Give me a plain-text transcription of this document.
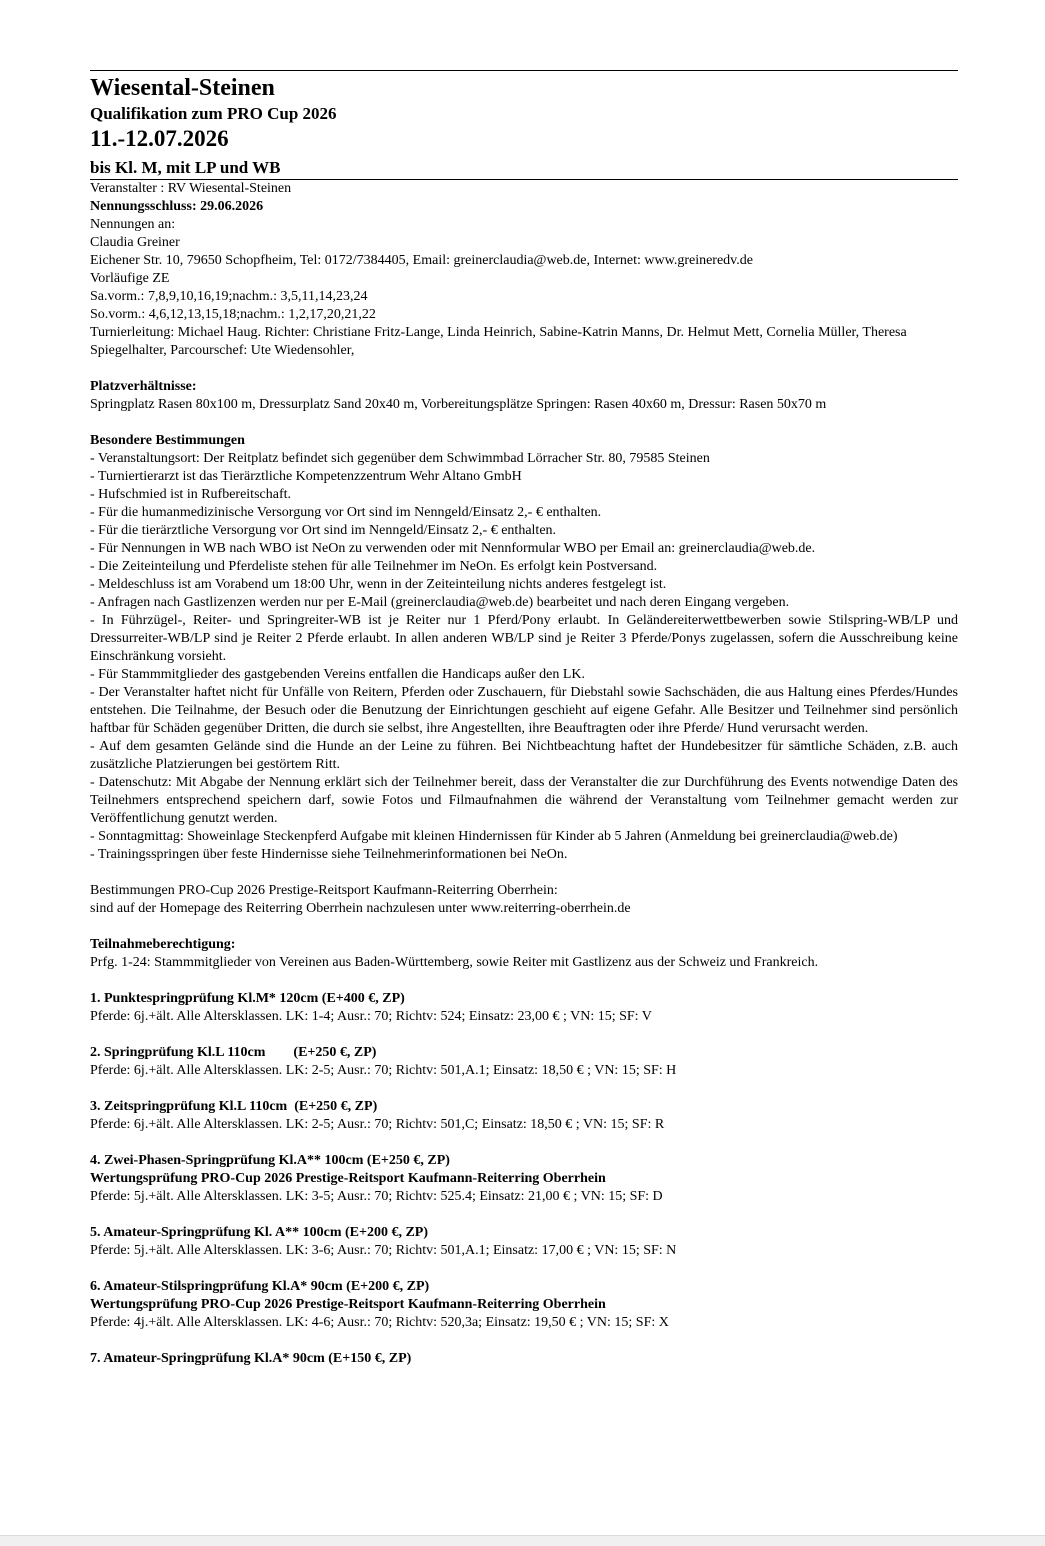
Wiesental-Steinen
Qualifikation zum PRO Cup 2026
11.-12.07.2026
bis Kl. M, mit LP und WB
Veranstalter : RV Wiesental-Steinen
Nennungsschluss: 29.06.2026
Nennungen an:
Claudia Greiner
Eichener Str. 10, 79650 Schopfheim, Tel: 0172/7384405, Email: greinerclaudia@web.de, Internet: www.greineredv.de
Vorläufige ZE
Sa.vorm.: 7,8,9,10,16,19;nachm.: 3,5,11,14,23,24
So.vorm.: 4,6,12,13,15,18;nachm.: 1,2,17,20,21,22
Turnierleitung: Michael Haug. Richter: Christiane Fritz-Lange, Linda Heinrich, Sabine-Katrin Manns, Dr. Helmut Mett, Cornelia Müller, Theresa Spiegelhalter, Parcourschef: Ute Wiedensohler,
Platzverhältnisse:
Springplatz Rasen 80x100 m, Dressurplatz Sand 20x40 m, Vorbereitungsplätze Springen: Rasen 40x60 m, Dressur: Rasen 50x70 m
Besondere Bestimmungen
- Veranstaltungsort: Der Reitplatz befindet sich gegenüber dem Schwimmbad Lörracher Str. 80, 79585 Steinen
- Turniertierarzt ist das Tierärztliche Kompetenzzentrum Wehr Altano GmbH
- Hufschmied ist in Rufbereitschaft.
- Für die humanmedizinische Versorgung vor Ort sind im Nenngeld/Einsatz 2,- € enthalten.
- Für die tierärztliche Versorgung vor Ort sind im Nenngeld/Einsatz 2,- € enthalten.
- Für Nennungen in WB nach WBO ist NeOn zu verwenden oder mit Nennformular WBO per Email an: greinerclaudia@web.de.
- Die Zeiteinteilung und Pferdeliste stehen für alle Teilnehmer im NeOn. Es erfolgt kein Postversand.
- Meldeschluss ist am Vorabend um 18:00 Uhr, wenn in der Zeiteinteilung nichts anderes festgelegt ist.
- Anfragen nach Gastlizenzen werden nur per E-Mail (greinerclaudia@web.de) bearbeitet und nach deren Eingang vergeben.
- In Führzügel-, Reiter- und Springreiter-WB ist je Reiter nur 1 Pferd/Pony erlaubt. In Geländereiterwettbewerben sowie Stilspring-WB/LP und Dressurreiter-WB/LP sind je Reiter 2 Pferde erlaubt. In allen anderen WB/LP sind je Reiter 3 Pferde/Ponys zugelassen, sofern die Ausschreibung keine Einschränkung vorsieht.
- Für Stammmitglieder des gastgebenden Vereins entfallen die Handicaps außer den LK.
- Der Veranstalter haftet nicht für Unfälle von Reitern, Pferden oder Zuschauern, für Diebstahl sowie Sachschäden, die aus Haltung eines Pferdes/Hundes entstehen. Die Teilnahme, der Besuch oder die Benutzung der Einrichtungen geschieht auf eigene Gefahr. Alle Besitzer und Teilnehmer sind persönlich haftbar für Schäden gegenüber Dritten, die durch sie selbst, ihre Angestellten, ihre Beauftragten oder ihre Pferde/ Hund verursacht werden.
- Auf dem gesamten Gelände sind die Hunde an der Leine zu führen. Bei Nichtbeachtung haftet der Hundebesitzer für sämtliche Schäden, z.B. auch zusätzliche Platzierungen bei gestörtem Ritt.
- Datenschutz: Mit Abgabe der Nennung erklärt sich der Teilnehmer bereit, dass der Veranstalter die zur Durchführung des Events notwendige Daten des Teilnehmers entsprechend speichern darf, sowie Fotos und Filmaufnahmen die während der Veranstaltung vom Teilnehmer gemacht werden zur Veröffentlichung genutzt werden.
- Sonntagmittag: Showeinlage Steckenpferd Aufgabe mit kleinen Hindernissen für Kinder ab 5 Jahren (Anmeldung bei greinerclaudia@web.de)
- Trainingsspringen über feste Hindernisse siehe Teilnehmerinformationen bei NeOn.
Bestimmungen PRO-Cup 2026 Prestige-Reitsport Kaufmann-Reiterring Oberrhein:
sind auf der Homepage des Reiterring Oberrhein nachzulesen unter www.reiterring-oberrhein.de
Teilnahmeberechtigung:
Prfg. 1-24: Stammmitglieder von Vereinen aus Baden-Württemberg, sowie Reiter mit Gastlizenz aus der Schweiz und Frankreich.
1. Punktespringprüfung Kl.M* 120cm (E+400 €, ZP)
Pferde: 6j.+ält. Alle Altersklassen. LK: 1-4; Ausr.: 70; Richtv: 524; Einsatz: 23,00 € ; VN: 15; SF: V
2. Springprüfung Kl.L 110cm        (E+250 €, ZP)
Pferde: 6j.+ält. Alle Altersklassen. LK: 2-5; Ausr.: 70; Richtv: 501,A.1; Einsatz: 18,50 € ; VN: 15; SF: H
3. Zeitspringprüfung Kl.L 110cm  (E+250 €, ZP)
Pferde: 6j.+ält. Alle Altersklassen. LK: 2-5; Ausr.: 70; Richtv: 501,C; Einsatz: 18,50 € ; VN: 15; SF: R
4. Zwei-Phasen-Springprüfung Kl.A** 100cm (E+250 €, ZP)
Wertungsprüfung PRO-Cup 2026 Prestige-Reitsport Kaufmann-Reiterring Oberrhein
Pferde: 5j.+ält. Alle Altersklassen. LK: 3-5; Ausr.: 70; Richtv: 525.4; Einsatz: 21,00 € ; VN: 15; SF: D
5. Amateur-Springprüfung Kl. A** 100cm (E+200 €, ZP)
Pferde: 5j.+ält. Alle Altersklassen. LK: 3-6; Ausr.: 70; Richtv: 501,A.1; Einsatz: 17,00 € ; VN: 15; SF: N
6. Amateur-Stilspringprüfung Kl.A* 90cm (E+200 €, ZP)
Wertungsprüfung PRO-Cup 2026 Prestige-Reitsport Kaufmann-Reiterring Oberrhein
Pferde: 4j.+ält. Alle Altersklassen. LK: 4-6; Ausr.: 70; Richtv: 520,3a; Einsatz: 19,50 € ; VN: 15; SF: X
7. Amateur-Springprüfung Kl.A* 90cm (E+150 €, ZP)
